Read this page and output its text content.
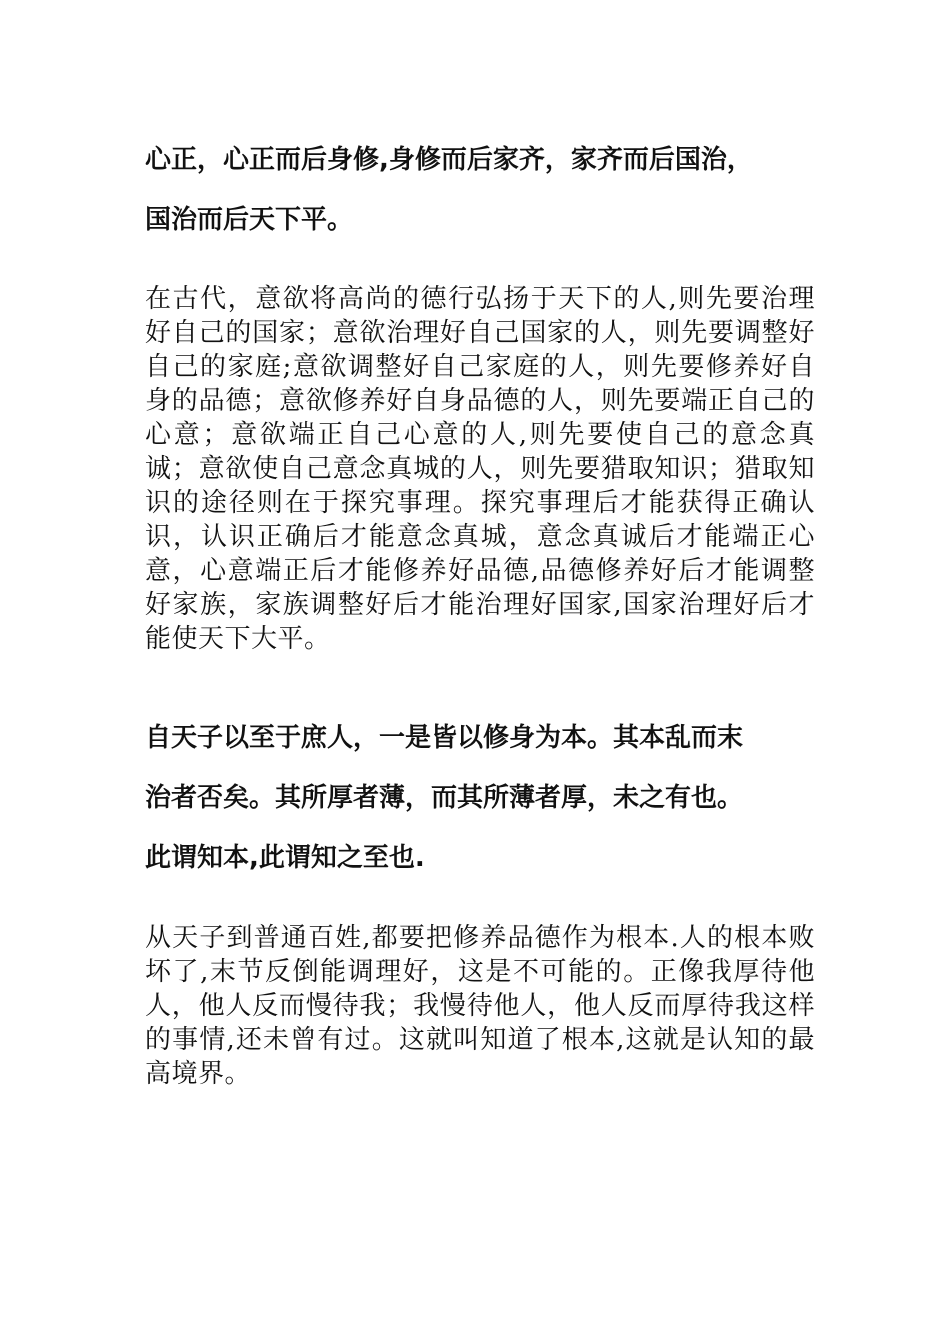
心正，心正而后身修,身修而后家齐，家齐而后国治，

国治而后天下平。

在古代，意欲将高尚的德行弘扬于天下的人,则先要治理好自己的国家；意欲治理好自己国家的人，则先要调整好自己的家庭;意欲调整好自己家庭的人，则先要修养好自身的品德；意欲修养好自身品德的人，则先要端正自己的心意；意欲端正自己心意的人,则先要使自己的意念真诚；意欲使自己意念真城的人，则先要猎取知识；猎取知识的途径则在于探究事理。探究事理后才能获得正确认识，认识正确后才能意念真城，意念真诚后才能端正心意，心意端正后才能修养好品德,品德修养好后才能调整好家族，家族调整好后才能治理好国家,国家治理好后才能使天下大平。

自天子以至于庶人，一是皆以修身为本。其本乱而末

治者否矣。其所厚者薄，而其所薄者厚，未之有也。

此谓知本,此谓知之至也.

从天子到普通百姓,都要把修养品德作为根本.人的根本败坏了,末节反倒能调理好，这是不可能的。正像我厚待他人，他人反而慢待我；我慢待他人，他人反而厚待我这样的事情,还未曾有过。这就叫知道了根本,这就是认知的最高境界。
